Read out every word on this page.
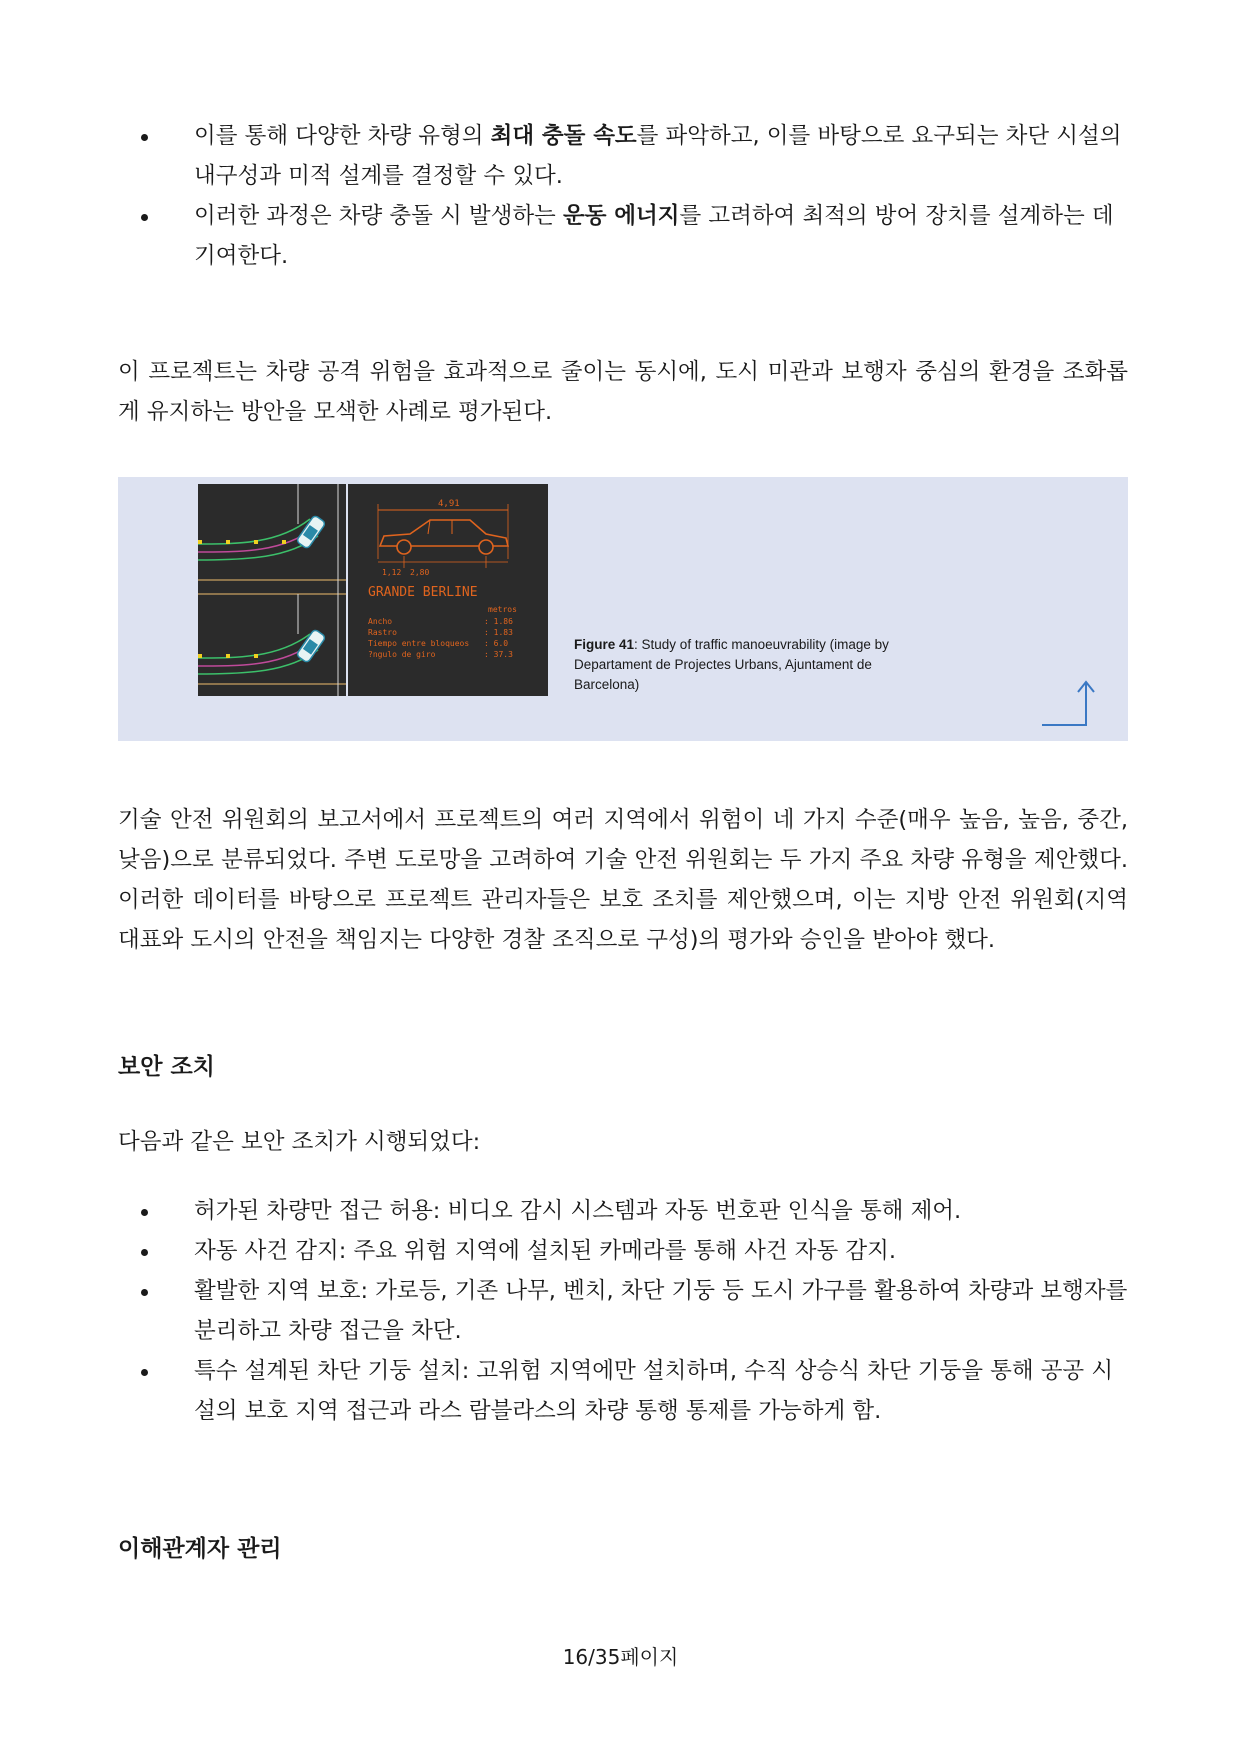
이를 통해 다양한 차량 유형의 최대 충돌 속도를 파악하고, 이를 바탕으로 요구되는 차단 시설의 내구성과 미적 설계를 결정할 수 있다.
이러한 과정은 차량 충돌 시 발생하는 운동 에너지를 고려하여 최적의 방어 장치를 설계하는 데 기여한다.

이 프로젝트는 차량 공격 위험을 효과적으로 줄이는 동시에, 도시 미관과 보행자 중심의 환경을 조화롭게 유지하는 방안을 모색한 사례로 평가된다.

4,91
1,12 2,80
GRANDE BERLINE
metros
Ancho	: 1.86
Rastro	: 1.83
Tiempo entre bloqueos : 6.0
?ngulo de giro	: 37.3
Figure 41: Study of traffic manoeuvrability (image by Departament de Projectes Urbans, Ajuntament de Barcelona)

기술 안전 위원회의 보고서에서 프로젝트의 여러 지역에서 위험이 네 가지 수준(매우 높음, 높음, 중간, 낮음)으로 분류되었다. 주변 도로망을 고려하여 기술 안전 위원회는 두 가지 주요 차량 유형을 제안했다. 이러한 데이터를 바탕으로 프로젝트 관리자들은 보호 조치를 제안했으며, 이는 지방 안전 위원회(지역 대표와 도시의 안전을 책임지는 다양한 경찰 조직으로 구성)의 평가와 승인을 받아야 했다.

보안 조치

다음과 같은 보안 조치가 시행되었다:

허가된 차량만 접근 허용: 비디오 감시 시스템과 자동 번호판 인식을 통해 제어.
자동 사건 감지: 주요 위험 지역에 설치된 카메라를 통해 사건 자동 감지.
활발한 지역 보호: 가로등, 기존 나무, 벤치, 차단 기둥 등 도시 가구를 활용하여 차량과 보행자를 분리하고 차량 접근을 차단.
특수 설계된 차단 기둥 설치: 고위험 지역에만 설치하며, 수직 상승식 차단 기둥을 통해 공공 시설의 보호 지역 접근과 라스 람블라스의 차량 통행 통제를 가능하게 함.
이해관계자 관리
16/35페이지
